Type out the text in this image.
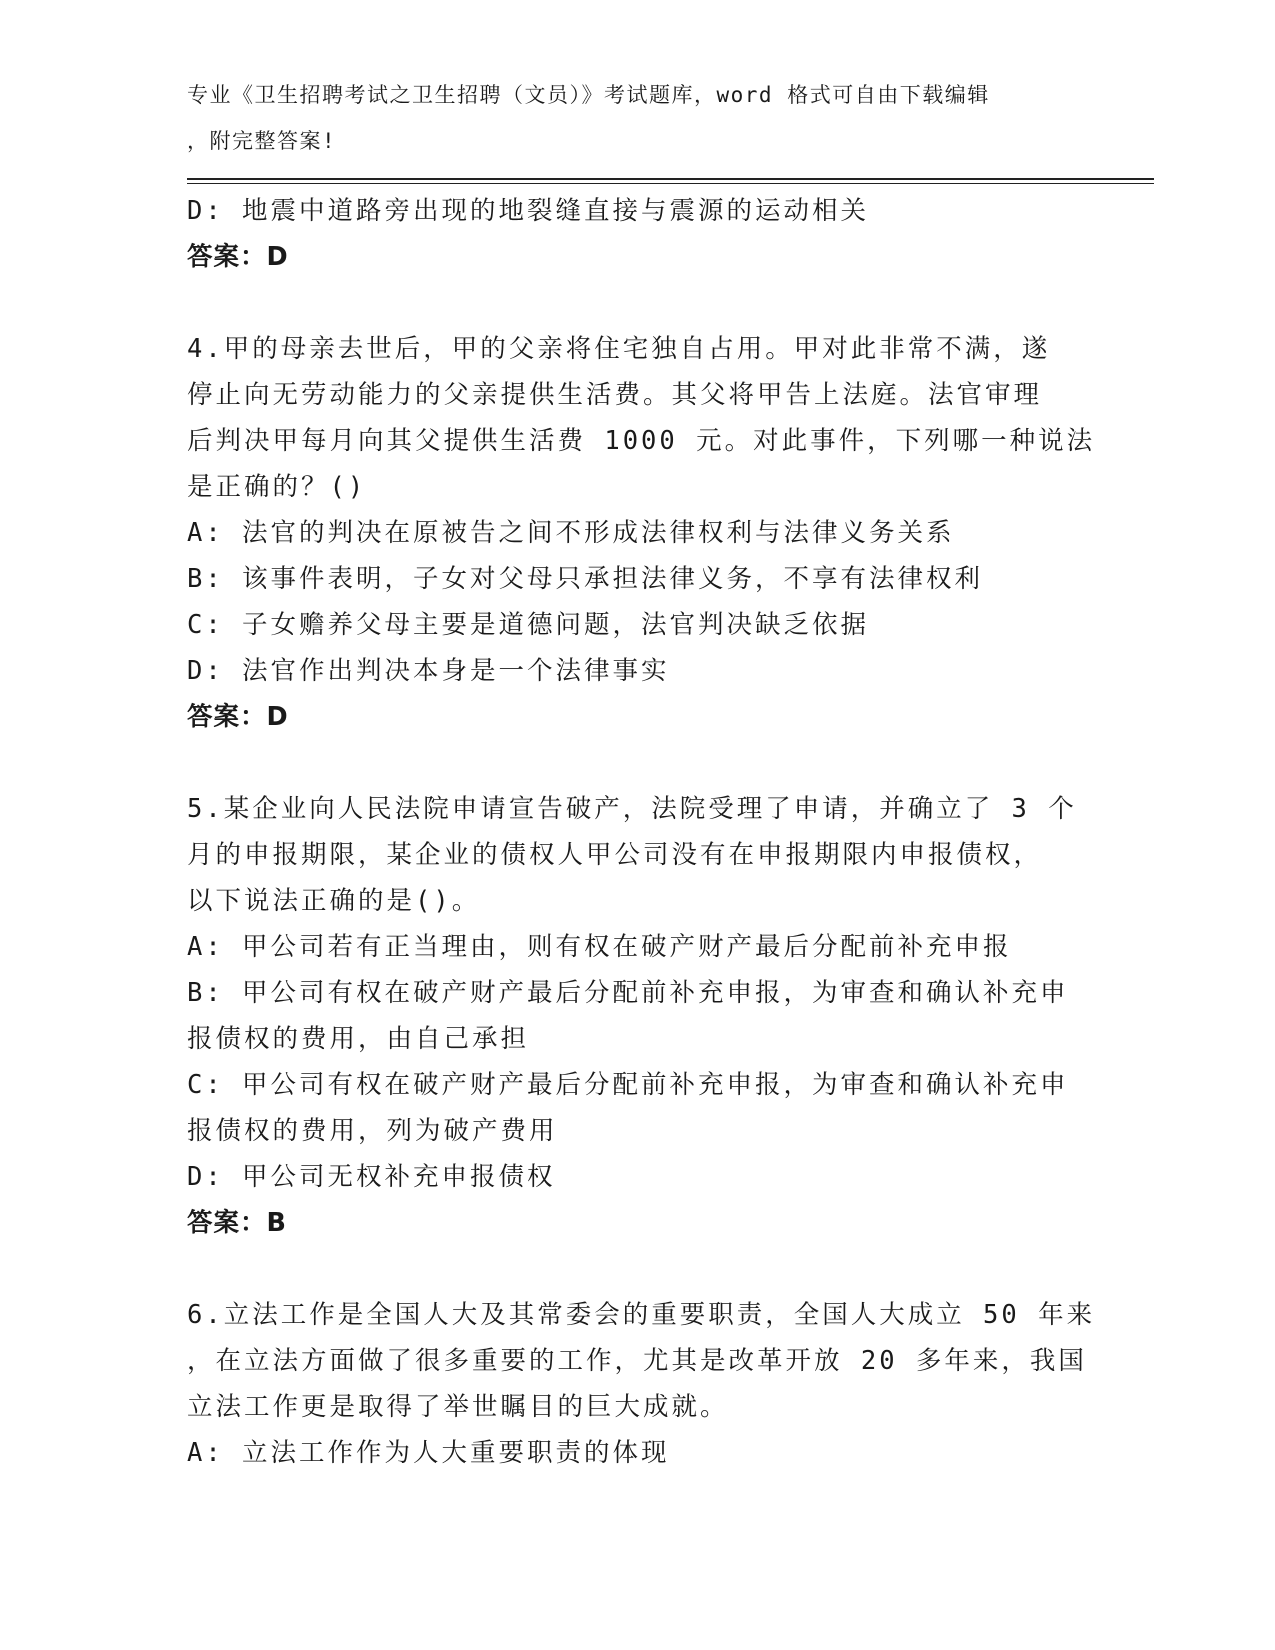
专业《卫生招聘考试之卫生招聘（文员）》考试题库，word 格式可自由下载编辑
，附完整答案!
D: 地震中道路旁出现的地裂缝直接与震源的运动相关
答案：D
4.甲的母亲去世后，甲的父亲将住宅独自占用。甲对此非常不满，遂
停止向无劳动能力的父亲提供生活费。其父将甲告上法庭。法官审理
后判决甲每月向其父提供生活费 1000 元。对此事件，下列哪一种说法
是正确的？()
A: 法官的判决在原被告之间不形成法律权利与法律义务关系
B: 该事件表明，子女对父母只承担法律义务，不享有法律权利
C: 子女赡养父母主要是道德问题，法官判决缺乏依据
D: 法官作出判决本身是一个法律事实
答案：D
5.某企业向人民法院申请宣告破产，法院受理了申请，并确立了 3 个
月的申报期限，某企业的债权人甲公司没有在申报期限内申报债权，
以下说法正确的是()。
A: 甲公司若有正当理由，则有权在破产财产最后分配前补充申报
B: 甲公司有权在破产财产最后分配前补充申报，为审查和确认补充申
报债权的费用，由自己承担
C: 甲公司有权在破产财产最后分配前补充申报，为审查和确认补充申
报债权的费用，列为破产费用
D: 甲公司无权补充申报债权
答案：B
6.立法工作是全国人大及其常委会的重要职责，全国人大成立 50 年来
，在立法方面做了很多重要的工作，尤其是改革开放 20 多年来，我国
立法工作更是取得了举世瞩目的巨大成就。
A: 立法工作作为人大重要职责的体现
